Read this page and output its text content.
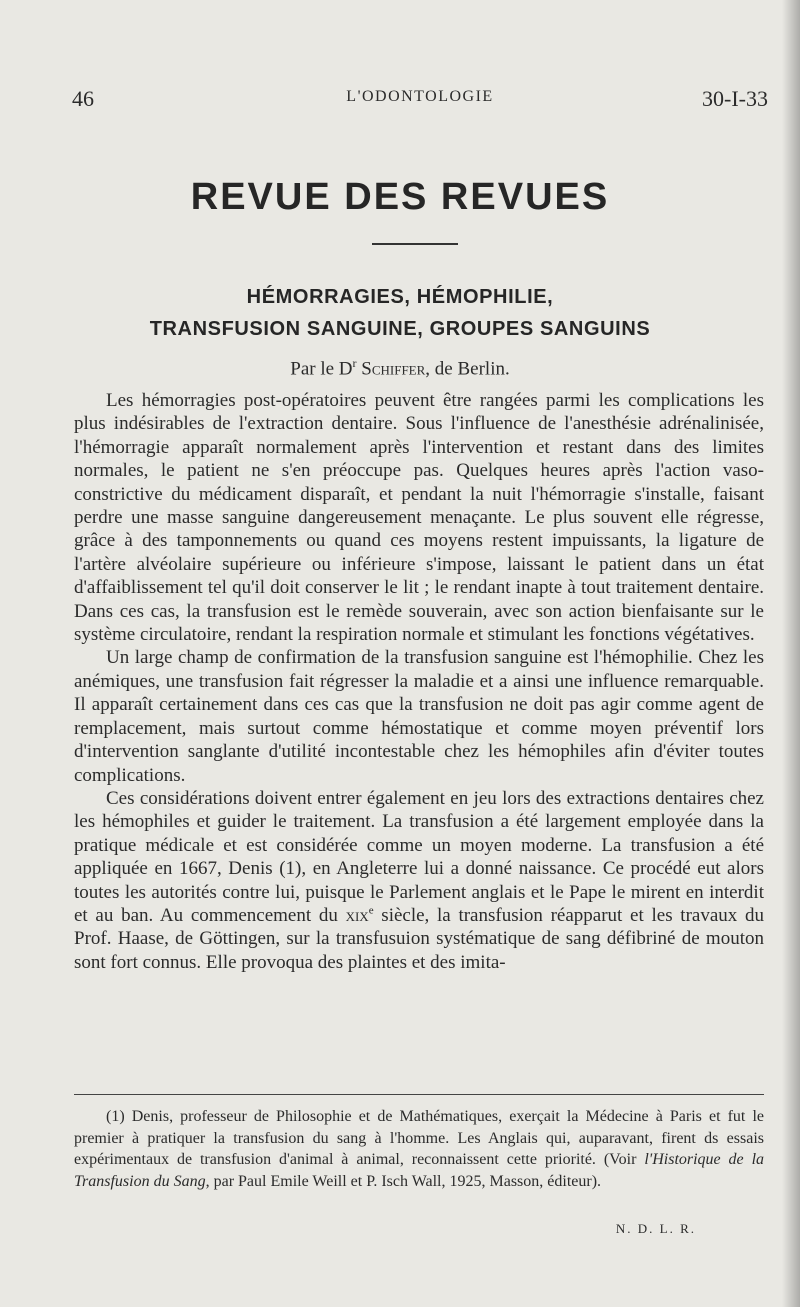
46	L'ODONTOLOGIE	30-I-33
REVUE DES REVUES
HÉMORRAGIES, HÉMOPHILIE,
TRANSFUSION SANGUINE, GROUPES SANGUINS
Par le $D^r$ Schiffer, de Berlin.

Les hémorragies post-opératoires peuvent être rangées parmi les complications les plus indésirables de l'extraction dentaire. Sous l'influence de l'anesthésie adrénalinisée, l'hémorragie apparaît normalement après l'intervention et restant dans des limites normales, le patient ne s'en préoccupe pas. Quelques heures après l'action vaso-constrictive du médicament disparaît, et pendant la nuit l'hémorragie s'installe, faisant perdre une masse sanguine dangereusement menaçante. Le plus souvent elle régresse, grâce à des tamponnements ou quand ces moyens restent impuissants, la ligature de l'artère alvéolaire supérieure ou inférieure s'impose, laissant le patient dans un état d'affaiblissement tel qu'il doit conserver le lit ; le rendant inapte à tout traitement dentaire. Dans ces cas, la transfusion est le remède souverain, avec son action bienfaisante sur le système circulatoire, rendant la respiration normale et stimulant les fonctions végétatives.

Un large champ de confirmation de la transfusion sanguine est l'hémophilie. Chez les anémiques, une transfusion fait régresser la maladie et a ainsi une influence remarquable. Il apparaît certainement dans ces cas que la transfusion ne doit pas agir comme agent de remplacement, mais surtout comme hémostatique et comme moyen préventif lors d'intervention sanglante d'utilité incontestable chez les hémophiles afin d'éviter toutes complications.

Ces considérations doivent entrer également en jeu lors des extractions dentaires chez les hémophiles et guider le traitement. La transfusion a été largement employée dans la pratique médicale et est considérée comme un moyen moderne. La transfusion a été appliquée en 1667, Denis (1), en Angleterre lui a donné naissance. Ce procédé eut alors toutes les autorités contre lui, puisque le Parlement anglais et le Pape le mirent en interdit et au ban. Au commencement du xix$^e$ siècle, la transfusion réapparut et les travaux du Prof. Haase, de Göttingen, sur la transfusuion systématique de sang défibriné de mouton sont fort connus. Elle provoqua des plaintes et des imita-

(1) Denis, professeur de Philosophie et de Mathématiques, exerçait la Médecine à Paris et fut le premier à pratiquer la transfusion du sang à l'homme. Les Anglais qui, auparavant, firent ds essais expérimentaux de transfusion d'animal à animal, reconnaissent cette priorité. (Voir l'Historique de la Transfusion du Sang, par Paul Emile Weill et P. Isch Wall, 1925, Masson, éditeur).

N. D. L. R.
